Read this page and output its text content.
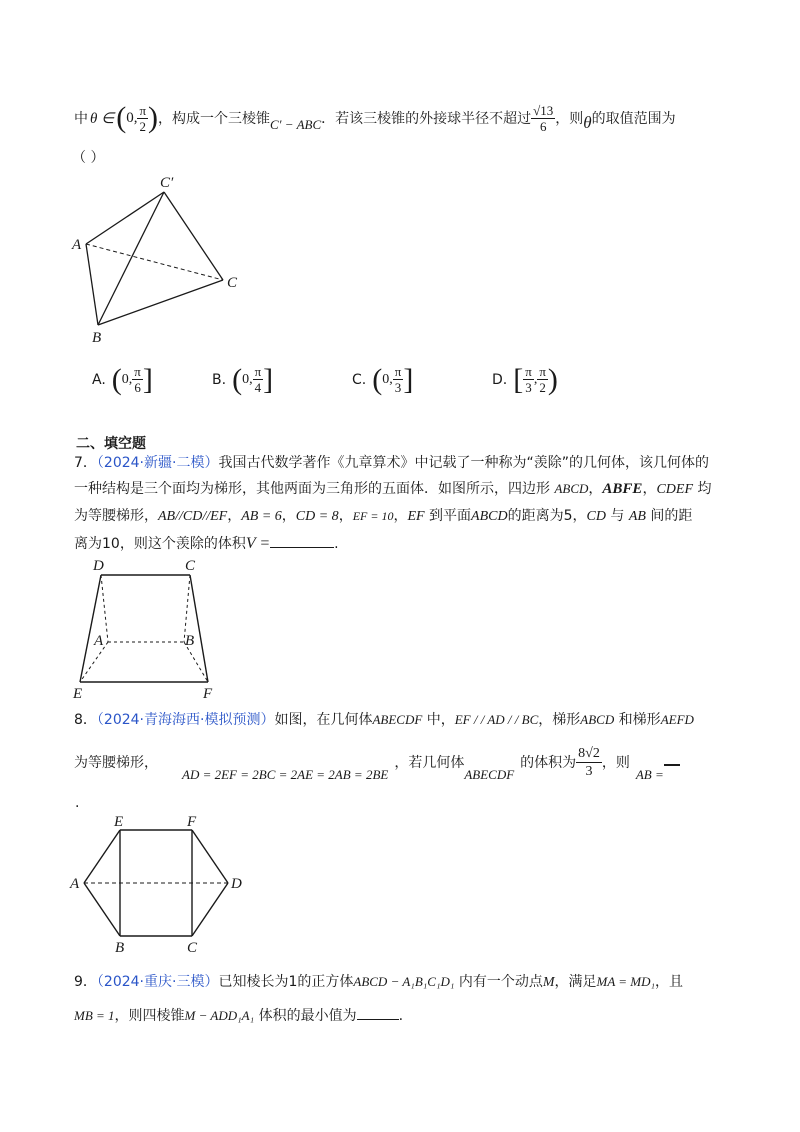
中 θ ∈ ( 0, $\frac{\pi}{2}$ ) ，构成一个三棱锥 C′ − ABC ．若该三棱锥的外接球半径不超过 $\frac{√13}{6}$ ，则 θ 的取值范围为
（ ）
C′
A
C
B
A. ( 0, $\frac{\pi}{6}$ ]	B. ( 0, $\frac{\pi}{4}$ ]	C. ( 0, $\frac{\pi}{3}$ ]	D. [ $\frac{\pi}{3}$ , $\frac{\pi}{2}$ )
二、填空题
7．（2024·新疆·二模）我国古代数学著作《九章算术》中记载了一种称为“羡除”的几何体，该几何体的
一种结构是三个面均为梯形，其他两面为三角形的五面体．如图所示，四边形 ABCD，ABFE，CDEF 均
为等腰梯形，AB//CD//EF，AB = 6，CD = 8，EF = 10，EF 到平面ABCD的距离为5，CD 与 AB 间的距
离为10，则这个羡除的体积V =	.
D	C
A	B
E	F
8．（2024·青海海西·模拟预测）如图，在几何体ABECDF 中，EF / / AD / / BC，梯形ABCD 和梯形AEFD
为等腰梯形，
AD = 2EF = 2BC = 2AE = 2AB = 2BE
，若几何体
ABECDF
的体积为 $\frac{8√2}{3}$ ，则
AB =
.
E	F
A	D
B	C
9．（2024·重庆·三模）已知棱长为1的正方体ABCD − A₁B₁C₁D₁ 内有一个动点M，满足MA = MD₁，且
MB = 1，则四棱锥M − ADD₁A₁ 体积的最小值为	.
